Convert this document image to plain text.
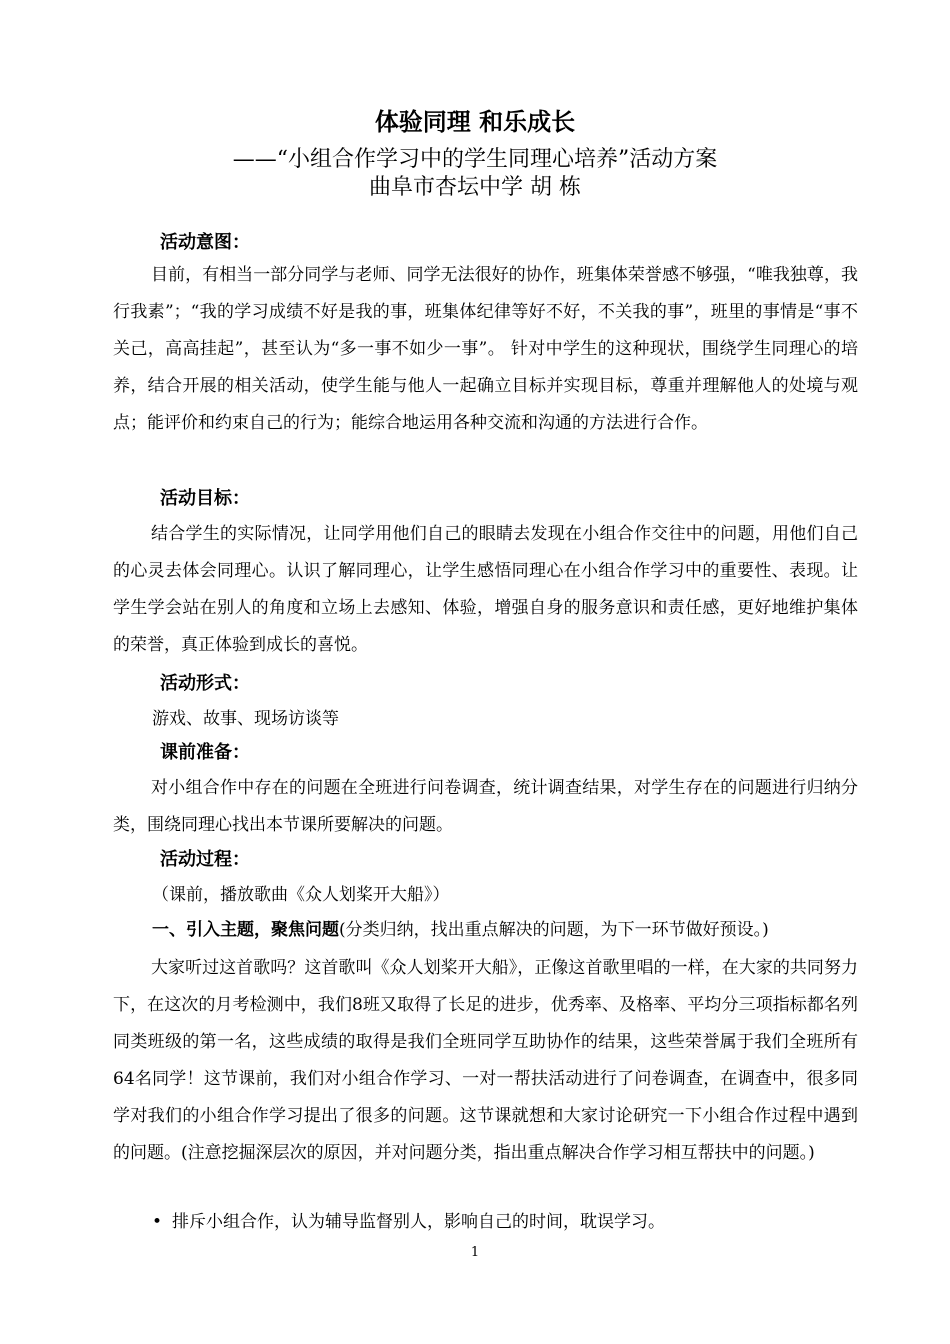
体验同理 和乐成长
——“小组合作学习中的学生同理心培养”活动方案
曲阜市杏坛中学 胡 栋
活动意图：
目前，有相当一部分同学与老师、同学无法很好的协作，班集体荣誉感不够强，“唯我独尊，我行我素”；“我的学习成绩不好是我的事，班集体纪律等好不好，不关我的事”，班里的事情是“事不关己，高高挂起”，甚至认为“多一事不如少一事”。 针对中学生的这种现状，围绕学生同理心的培养，结合开展的相关活动，使学生能与他人一起确立目标并实现目标，尊重并理解他人的处境与观点；能评价和约束自己的行为；能综合地运用各种交流和沟通的方法进行合作。
活动目标：
结合学生的实际情况，让同学用他们自己的眼睛去发现在小组合作交往中的问题，用他们自己的心灵去体会同理心。认识了解同理心，让学生感悟同理心在小组合作学习中的重要性、表现。让学生学会站在别人的角度和立场上去感知、体验，增强自身的服务意识和责任感，更好地维护集体的荣誉，真正体验到成长的喜悦。
活动形式：
游戏、故事、现场访谈等
课前准备：
对小组合作中存在的问题在全班进行问卷调查，统计调查结果，对学生存在的问题进行归纳分类，围绕同理心找出本节课所要解决的问题。
活动过程：
（课前，播放歌曲《众人划桨开大船》）
一、引入主题，聚焦问题(分类归纳，找出重点解决的问题，为下一环节做好预设。)
大家听过这首歌吗？这首歌叫《众人划桨开大船》，正像这首歌里唱的一样，在大家的共同努力下，在这次的月考检测中，我们8班又取得了长足的进步，优秀率、及格率、平均分三项指标都名列同类班级的第一名，这些成绩的取得是我们全班同学互助协作的结果，这些荣誉属于我们全班所有64名同学！这节课前，我们对小组合作学习、一对一帮扶活动进行了问卷调查，在调查中，很多同学对我们的小组合作学习提出了很多的问题。这节课就想和大家讨论研究一下小组合作过程中遇到的问题。(注意挖掘深层次的原因，并对问题分类，指出重点解决合作学习相互帮扶中的问题。)
• 排斥小组合作，认为辅导监督别人，影响自己的时间，耽误学习。
1
